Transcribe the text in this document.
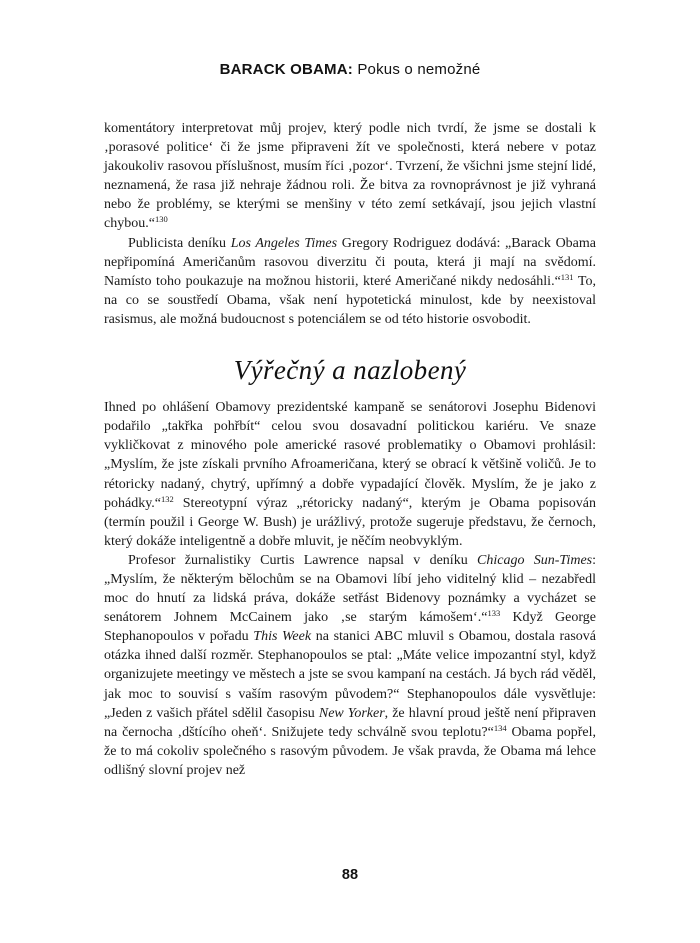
BARACK OBAMA: Pokus o nemožné

komentátory interpretovat můj projev, který podle nich tvrdí, že jsme se dostali k ‚porasové politice‘ či že jsme připraveni žít ve společnosti, která nebere v potaz jakoukoliv rasovou příslušnost, musím říci ‚pozor‘. Tvrzení, že všichni jsme stejní lidé, neznamená, že rasa již nehraje žádnou roli. Že bitva za rovnoprávnost je již vyhraná nebo že problémy, se kterými se menšiny v této zemí setkávají, jsou jejich vlastní chybou.“$^{130}$

Publicista deníku Los Angeles Times Gregory Rodriguez dodává: „Barack Obama nepřipomíná Američanům rasovou diverzitu či pouta, která ji mají na svědomí. Namísto toho poukazuje na možnou historii, které Američané nikdy nedosáhli.“$^{131}$ To, na co se soustředí Obama, však není hypotetická minulost, kde by neexistoval rasismus, ale možná budoucnost s potenciálem se od této historie osvobodit.

Výřečný a nazlobený

Ihned po ohlášení Obamovy prezidentské kampaně se senátorovi Josephu Bidenovi podařilo „takřka pohřbít“ celou svou dosavadní politickou kariéru. Ve snaze vykličkovat z minového pole americké rasové problematiky o Obamovi prohlásil: „Myslím, že jste získali prvního Afroameričana, který se obrací k většině voličů. Je to rétoricky nadaný, chytrý, upřímný a dobře vypadající člověk. Myslím, že je jako z pohádky.“$^{132}$ Stereotypní výraz „rétoricky nadaný“, kterým je Obama popisován (termín použil i George W. Bush) je urážlivý, protože sugeruje představu, že černoch, který dokáže inteligentně a dobře mluvit, je něčím neobvyklým.

Profesor žurnalistiky Curtis Lawrence napsal v deníku Chicago Sun-Times: „Myslím, že některým bělochům se na Obamovi líbí jeho viditelný klid – nezabředl moc do hnutí za lidská práva, dokáže setřást Bidenovy poznámky a vycházet se senátorem Johnem McCainem jako ‚se starým kámošem‘.“$^{133}$ Když George Stephanopoulos v pořadu This Week na stanici ABC mluvil s Obamou, dostala rasová otázka ihned další rozměr. Stephanopoulos se ptal: „Máte velice impozantní styl, když organizujete meetingy ve městech a jste se svou kampaní na cestách. Já bych rád věděl, jak moc to souvisí s vaším rasovým původem?“ Stephanopoulos dále vysvětluje: „Jeden z vašich přátel sdělil časopisu New Yorker, že hlavní proud ještě není připraven na černocha ‚dštícího oheň‘. Snižujete tedy schválně svou teplotu?“$^{134}$ Obama popřel, že to má cokoliv společného s rasovým původem. Je však pravda, že Obama má lehce odlišný slovní projev než

88
